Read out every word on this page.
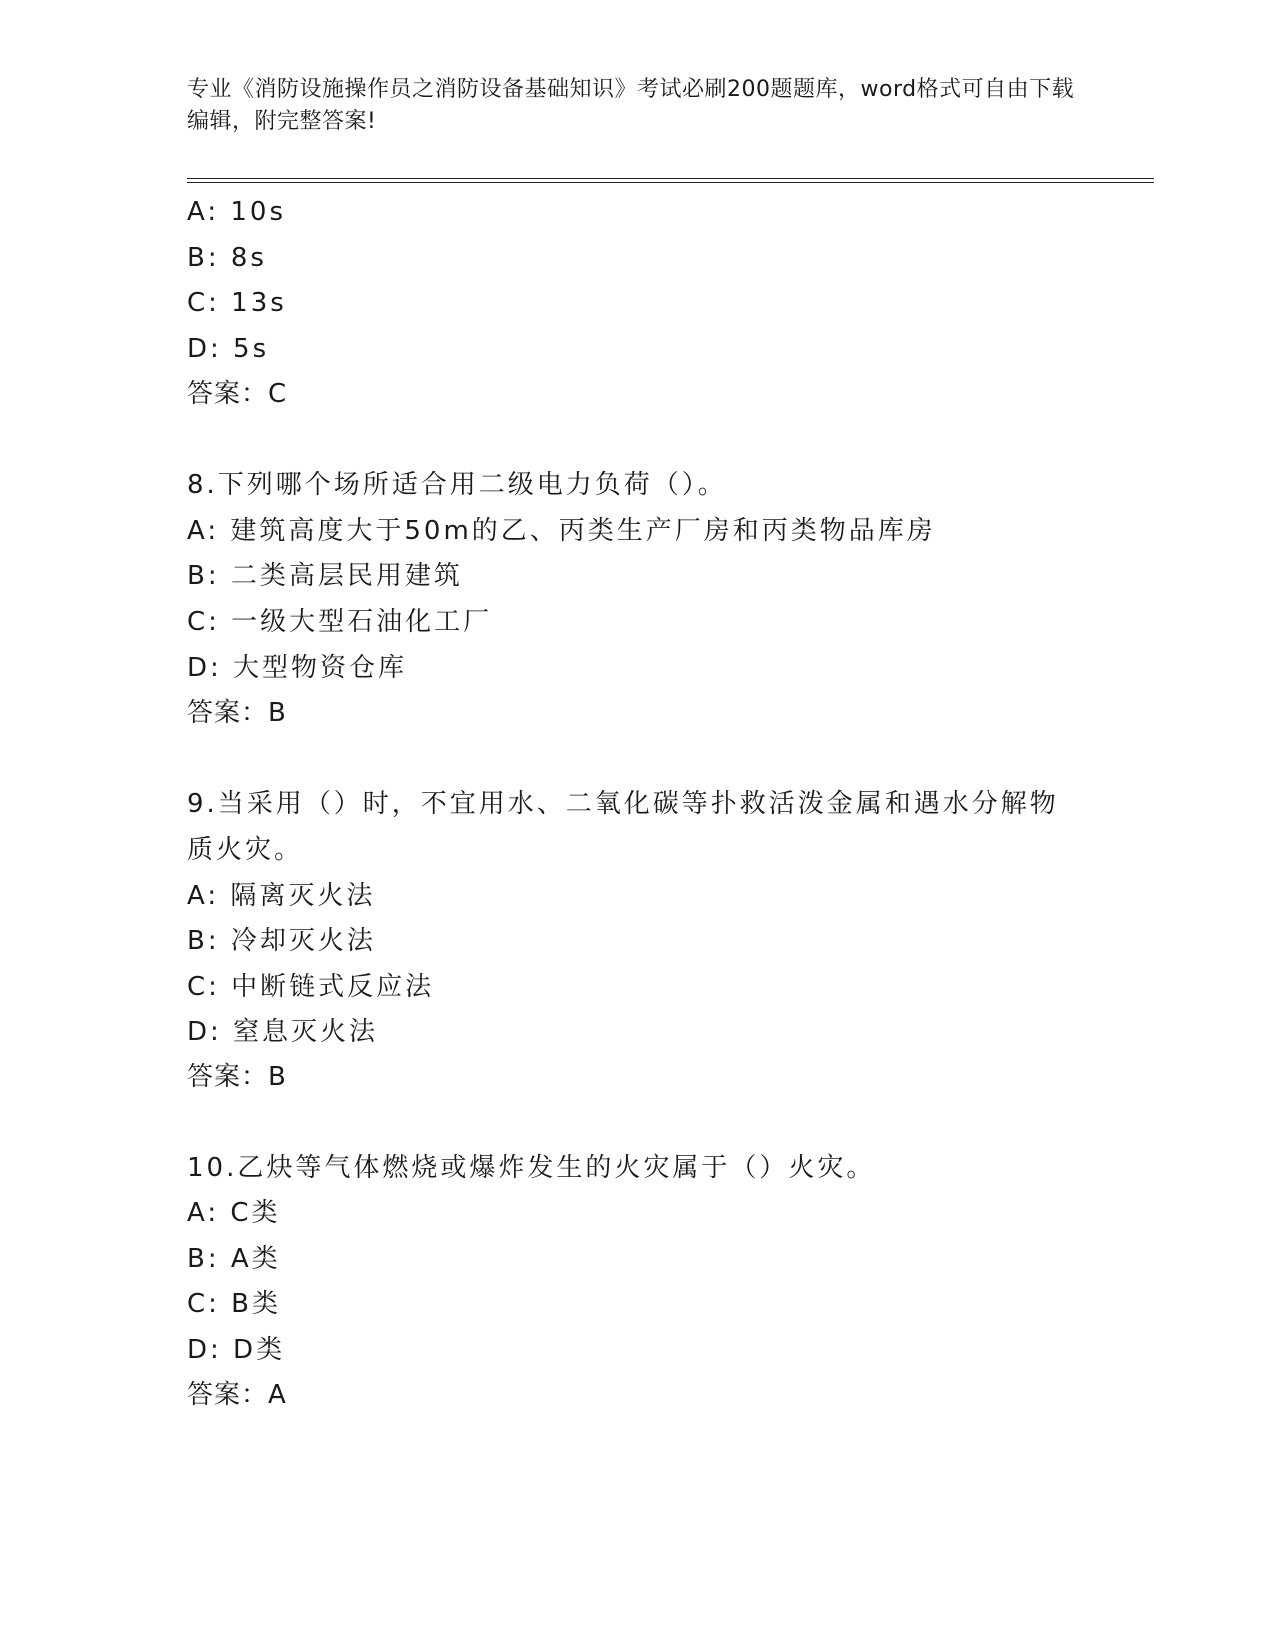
专业《消防设施操作员之消防设备基础知识》考试必刷200题题库，word格式可自由下载编辑，附完整答案!
A: 10s
B: 8s
C: 13s
D: 5s
答案：C
8.下列哪个场所适合用二级电力负荷（）。
A: 建筑高度大于50m的乙、丙类生产厂房和丙类物品库房
B: 二类高层民用建筑
C: 一级大型石油化工厂
D: 大型物资仓库
答案：B
9.当采用（）时，不宜用水、二氧化碳等扑救活泼金属和遇水分解物质火灾。
A: 隔离灭火法
B: 冷却灭火法
C: 中断链式反应法
D: 窒息灭火法
答案：B
10.乙炔等气体燃烧或爆炸发生的火灾属于（）火灾。
A: C类
B: A类
C: B类
D: D类
答案：A
